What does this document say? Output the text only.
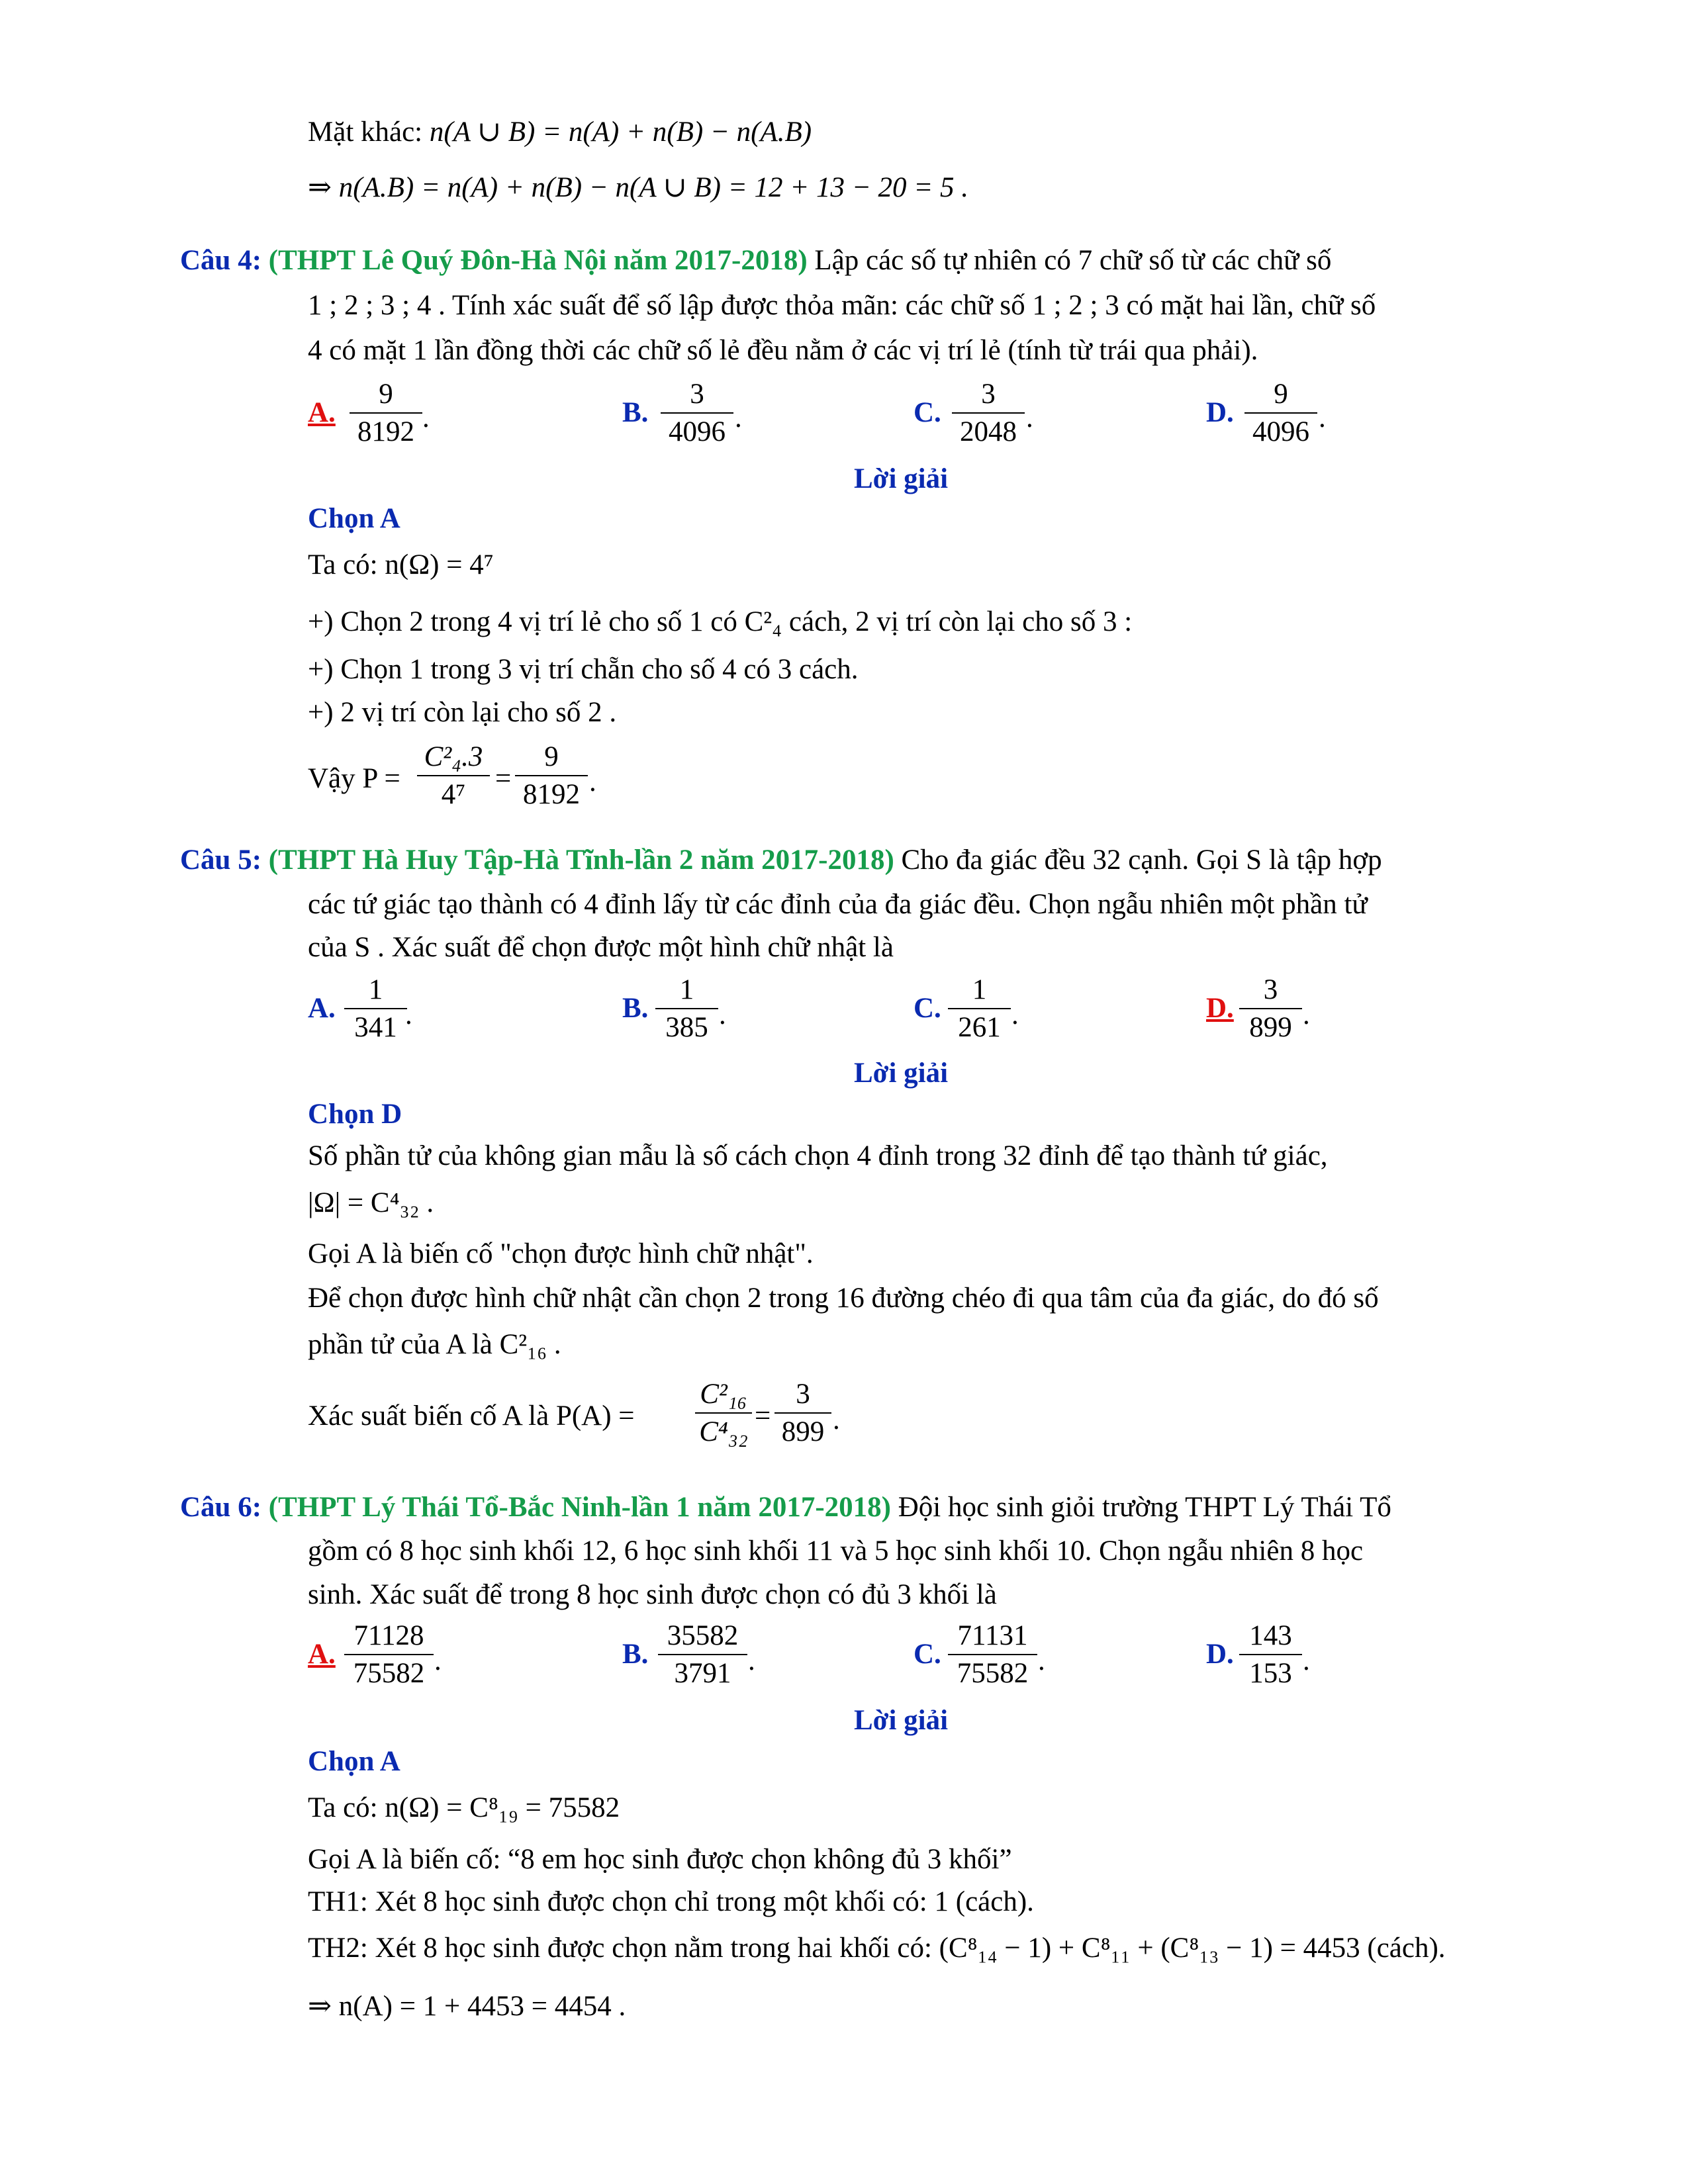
Mặt khác: n(A ∪ B) = n(A) + n(B) − n(A.B)
⇒ n(A.B) = n(A) + n(B) − n(A ∪ B) = 12 + 13 − 20 = 5 .
Câu 4: (THPT Lê Quý Đôn-Hà Nội năm 2017-2018) Lập các số tự nhiên có 7 chữ số từ các chữ số
1 ; 2 ; 3 ; 4 . Tính xác suất để số lập được thỏa mãn: các chữ số 1 ; 2 ; 3 có mặt hai lần, chữ số
4 có mặt 1 lần đồng thời các chữ số lẻ đều nằm ở các vị trí lẻ (tính từ trái qua phải).
A. $\frac{9}{8192}$ .	B. $\frac{3}{4096}$ .	C. $\frac{3}{2048}$ .	D. $\frac{9}{4096}$ .
Lời giải
Chọn A
Ta có: n(Ω) = 4⁷
+) Chọn 2 trong 4 vị trí lẻ cho số 1 có C²₄ cách, 2 vị trí còn lại cho số 3 :
+) Chọn 1 trong 3 vị trí chẵn cho số 4 có 3 cách.
+) 2 vị trí còn lại cho số 2 .
Vậy $P = \frac{\text{C²₄.3}}{\text{4⁷}} = \frac{9}{8192}$ .
Câu 5: (THPT Hà Huy Tập-Hà Tĩnh-lần 2 năm 2017-2018) Cho đa giác đều 32 cạnh. Gọi S là tập hợp
các tứ giác tạo thành có 4 đỉnh lấy từ các đỉnh của đa giác đều. Chọn ngẫu nhiên một phần tử
của S . Xác suất để chọn được một hình chữ nhật là
A. $\frac{1}{341}$
.	B. $\frac{1}{385}$ .	C. $\frac{1}{261}$ .	D. $\frac{3}{899}$ .
Lời giải
Chọn D
Số phần tử của không gian mẫu là số cách chọn 4 đỉnh trong 32 đỉnh để tạo thành tứ giác,
|Ω| = C⁴₃₂ .
Gọi A là biến cố "chọn được hình chữ nhật".
Để chọn được hình chữ nhật cần chọn 2 trong 16 đường chéo đi qua tâm của đa giác, do đó số
phần tử của A là C²₁₆ .
Xác suất biến cố A là $P(A) = \frac{\text{C²₁₆}}{\text{C⁴₃₂}} = \frac{3}{899}$ .
Câu 6: (THPT Lý Thái Tổ-Bắc Ninh-lần 1 năm 2017-2018) Đội học sinh giỏi trường THPT Lý Thái Tổ
gồm có 8 học sinh khối 12, 6 học sinh khối 11 và 5 học sinh khối 10. Chọn ngẫu nhiên 8 học
sinh. Xác suất để trong 8 học sinh được chọn có đủ 3 khối là
A. $\frac{71128}{75582}$ .	B. $\frac{35582}{3791}$ .	C. $\frac{71131}{75582}$ .	D. $\frac{143}{153}$ .
Lời giải
Chọn A
Ta có: n(Ω) = C⁸₁₉ = 75582
Gọi A là biến cố: “8 em học sinh được chọn không đủ 3 khối”
TH1: Xét 8 học sinh được chọn chỉ trong một khối có: 1 (cách).
TH2: Xét 8 học sinh được chọn nằm trong hai khối có: (C⁸₁₄ − 1) + C⁸₁₁ + (C⁸₁₃ − 1) = 4453 (cách).
⇒ n(A) = 1 + 4453 = 4454 .
